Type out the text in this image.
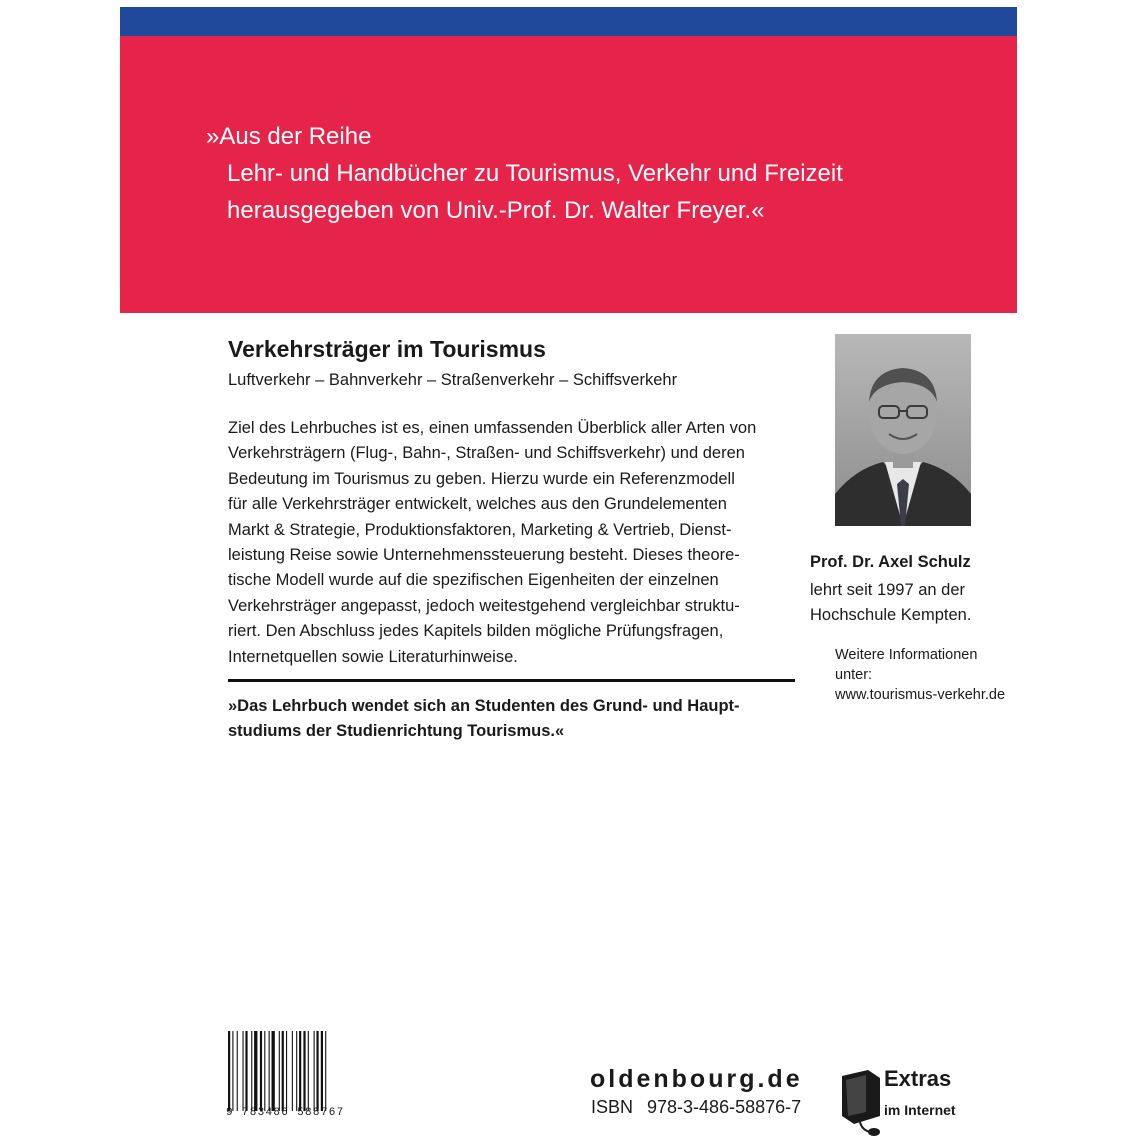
»Aus der Reihe
Lehr- und Handbücher zu Tourismus, Verkehr und Freizeit
herausgegeben von Univ.-Prof. Dr. Walter Freyer.«
Verkehrsträger im Tourismus
Luftverkehr – Bahnverkehr – Straßenverkehr – Schiffsverkehr
Ziel des Lehrbuches ist es, einen umfassenden Überblick aller Arten von
Verkehrsträgern (Flug-, Bahn-, Straßen- und Schiffsverkehr) und deren
Bedeutung im Tourismus zu geben. Hierzu wurde ein Referenzmodell
für alle Verkehrsträger entwickelt, welches aus den Grundelementen
Markt & Strategie, Produktionsfaktoren, Marketing & Vertrieb, Dienst-
leistung Reise sowie Unternehmenssteuerung besteht. Dieses theore-
tische Modell wurde auf die spezifischen Eigenheiten der einzelnen
Verkehrsträger angepasst, jedoch weitestgehend vergleichbar struktu-
riert. Den Abschluss jedes Kapitels bilden mögliche Prüfungsfragen,
Internetquellen sowie Literaturhinweise.
»Das Lehrbuch wendet sich an Studenten des Grund- und Haupt-
studiums der Studienrichtung Tourismus.«
Prof. Dr. Axel Schulz
lehrt seit 1997 an der
Hochschule Kempten.
Weitere Informationen
unter:
www.tourismus-verkehr.de
9 783486 588767
oldenbourg.de
ISBN 978-3-486-58876-7
Extras
im Internet
